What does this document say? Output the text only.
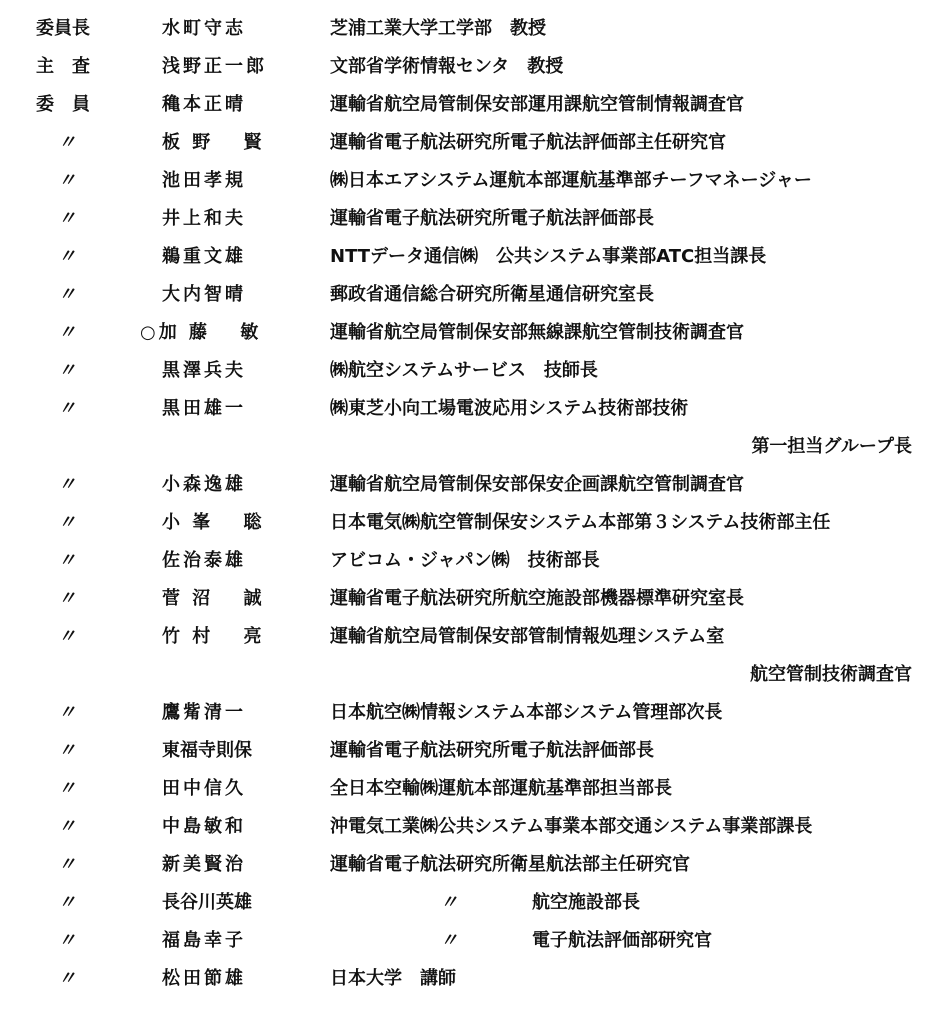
委員長	水町守志	芝浦工業大学工学部　教授
主　査	浅野正一郎	文部省学術情報センタ　教授
委　員	穐本正晴	運輸省航空局管制保安部運用課航空管制情報調査官
〃	板 野　 賢	運輸省電子航法研究所電子航法評価部主任研究官
〃	池田孝規	㈱日本エアシステム運航本部運航基準部チーフマネージャー
〃	井上和夫	運輸省電子航法研究所電子航法評価部長
〃	鵜重文雄	NTTデータ通信㈱　公共システム事業部ATC担当課長
〃	大内智晴	郵政省通信総合研究所衛星通信研究室長
〃	○加 藤　 敏	運輸省航空局管制保安部無線課航空管制技術調査官
〃	黒澤兵夫	㈱航空システムサービス　技師長
〃	黒田雄一	㈱東芝小向工場電波応用システム技術部技術
第一担当グループ長
〃	小森逸雄	運輸省航空局管制保安部保安企画課航空管制調査官
〃	小 峯　 聡	日本電気㈱航空管制保安システム本部第３システム技術部主任
〃	佐治泰雄	アビコム・ジャパン㈱　技術部長
〃	菅 沼　 誠	運輸省電子航法研究所航空施設部機器標準研究室長
〃	竹 村　 亮	運輸省航空局管制保安部管制情報処理システム室
航空管制技術調査官
〃	鷹觜清一	日本航空㈱情報システム本部システム管理部次長
〃	東福寺則保	運輸省電子航法研究所電子航法評価部長
〃	田中信久	全日本空輸㈱運航本部運航基準部担当部長
〃	中島敏和	沖電気工業㈱公共システム事業本部交通システム事業部課長
〃	新美賢治	運輸省電子航法研究所衛星航法部主任研究官
〃	長谷川英雄	〃	航空施設部長
〃	福島幸子	〃	電子航法評価部研究官
〃	松田節雄	日本大学　講師
